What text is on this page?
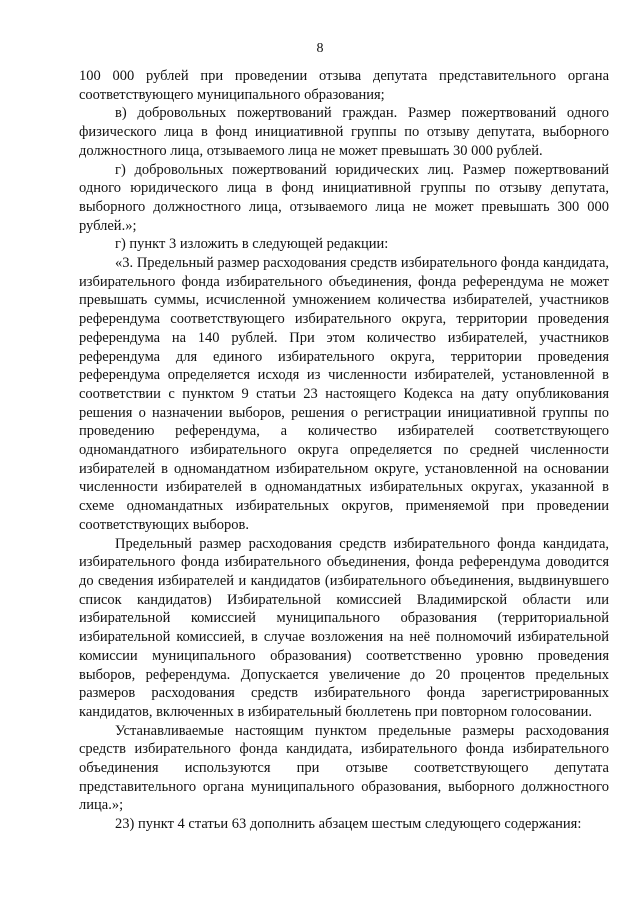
8

100 000 рублей при проведении отзыва депутата представительного органа соответствующего муниципального образования;

в) добровольных пожертвований граждан. Размер пожертвований одного физического лица в фонд инициативной группы по отзыву депутата, выборного должностного лица, отзываемого лица не может превышать 30 000 рублей.

г) добровольных пожертвований юридических лиц. Размер пожертвований одного юридического лица в фонд инициативной группы по отзыву депутата, выборного должностного лица, отзываемого лица не может превышать 300 000 рублей.»;

г) пункт 3 изложить в следующей редакции:

«3. Предельный размер расходования средств избирательного фонда кандидата, избирательного фонда избирательного объединения, фонда референдума не может превышать суммы, исчисленной умножением количества избирателей, участников референдума соответствующего избирательного округа, территории проведения референдума на 140 рублей. При этом количество избирателей, участников референдума для единого избирательного округа, территории проведения референдума определяется исходя из численности избирателей, установленной в соответствии с пунктом 9 статьи 23 настоящего Кодекса на дату опубликования решения о назначении выборов, решения о регистрации инициативной группы по проведению референдума, а количество избирателей соответствующего одномандатного избирательного округа определяется по средней численности избирателей в одномандатном избирательном округе, установленной на основании численности избирателей в одномандатных избирательных округах, указанной в схеме одномандатных избирательных округов, применяемой при проведении соответствующих выборов.

Предельный размер расходования средств избирательного фонда кандидата, избирательного фонда избирательного объединения, фонда референдума доводится до сведения избирателей и кандидатов (избирательного объединения, выдвинувшего список кандидатов) Избирательной комиссией Владимирской области или избирательной комиссией муниципального образования (территориальной избирательной комиссией, в случае возложения на неё полномочий избирательной комиссии муниципального образования) соответственно уровню проведения выборов, референдума. Допускается увеличение до 20 процентов предельных размеров расходования средств избирательного фонда зарегистрированных кандидатов, включенных в избирательный бюллетень при повторном голосовании.

Устанавливаемые настоящим пунктом предельные размеры расходования средств избирательного фонда кандидата, избирательного фонда избирательного объединения используются при отзыве соответствующего депутата представительного органа муниципального образования, выборного должностного лица.»;

23) пункт 4 статьи 63 дополнить абзацем шестым следующего содержания:
